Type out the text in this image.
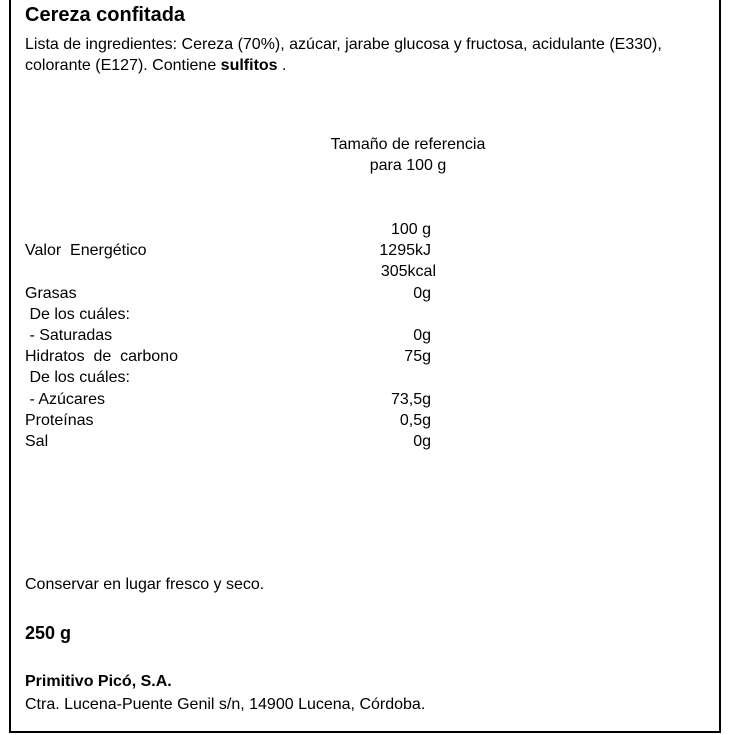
Cereza confitada
Lista de ingredientes: Cereza (70%), azúcar, jarabe glucosa y fructosa, acidulante (E330), colorante (E127). Contiene sulfitos .
Tamaño de referencia
para 100 g
100 g
Valor  Energético	1295kJ
305kcal
Grasas	0g
De los cuáles:
- Saturadas	0g
Hidratos  de  carbono	75g
De los cuáles:
- Azúcares	73,5g
Proteínas	0,5g
Sal	0g
Conservar en lugar fresco y seco.
250 g
Primitivo Picó, S.A.
Ctra. Lucena-Puente Genil s/n, 14900 Lucena, Córdoba.
